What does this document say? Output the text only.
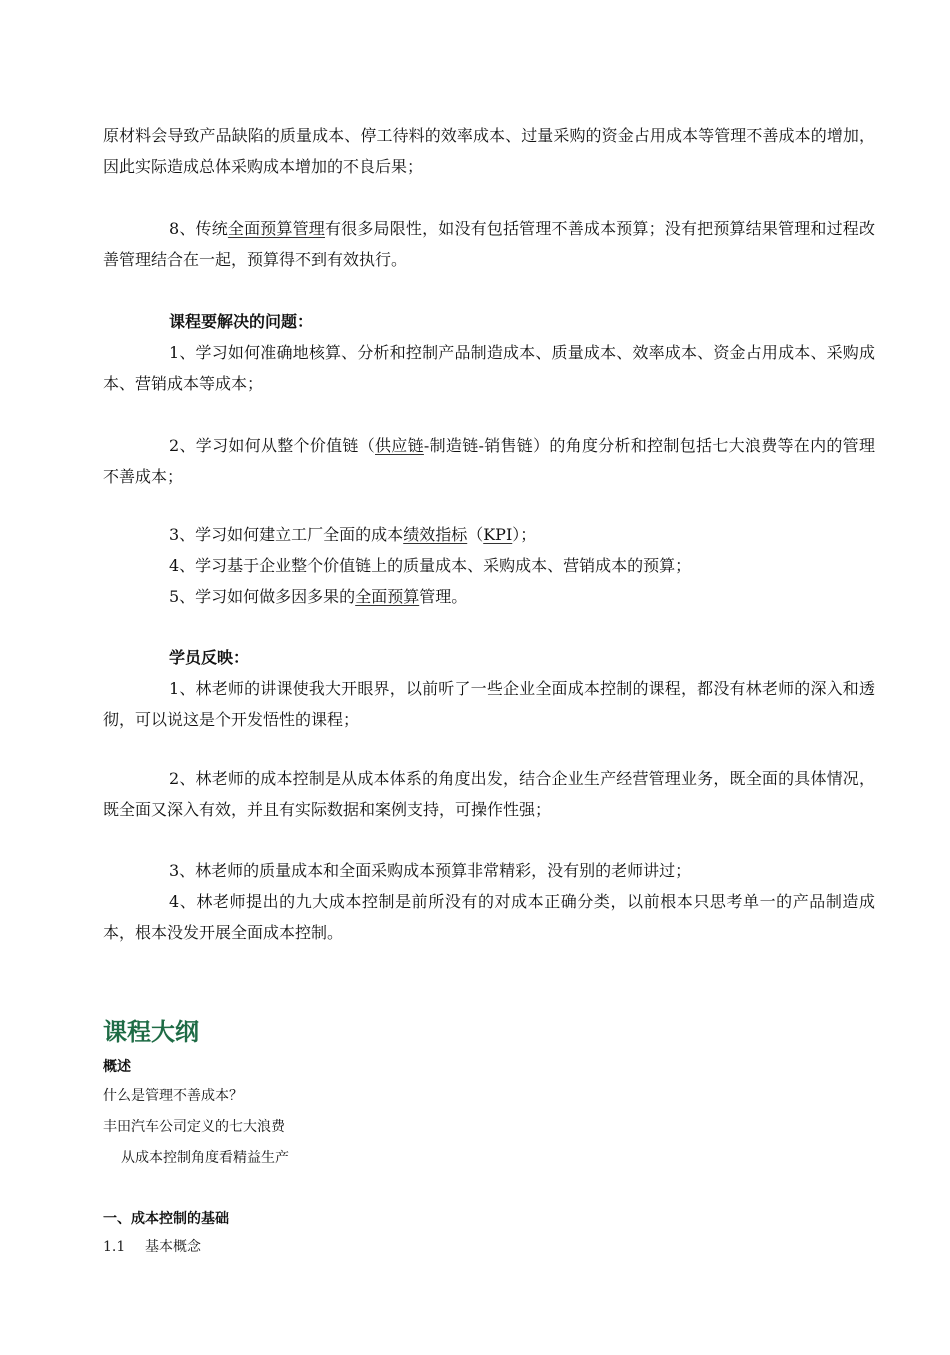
原材料会导致产品缺陷的质量成本、停工待料的效率成本、过量采购的资金占用成本等管理不善成本的增加，因此实际造成总体采购成本增加的不良后果；

8、传统全面预算管理有很多局限性，如没有包括管理不善成本预算；没有把预算结果管理和过程改善管理结合在一起，预算得不到有效执行。

课程要解决的问题：

1、学习如何准确地核算、分析和控制产品制造成本、质量成本、效率成本、资金占用成本、采购成本、营销成本等成本；

2、学习如何从整个价值链（供应链-制造链-销售链）的角度分析和控制包括七大浪费等在内的管理不善成本；

3、学习如何建立工厂全面的成本绩效指标（KPI）；

4、学习基于企业整个价值链上的质量成本、采购成本、营销成本的预算；

5、学习如何做多因多果的全面预算管理。

学员反映：

1、林老师的讲课使我大开眼界，以前听了一些企业全面成本控制的课程，都没有林老师的深入和透彻，可以说这是个开发悟性的课程；

2、林老师的成本控制是从成本体系的角度出发，结合企业生产经营管理业务，既全面的具体情况，既全面又深入有效，并且有实际数据和案例支持，可操作性强；

3、林老师的质量成本和全面采购成本预算非常精彩，没有别的老师讲过；

4、林老师提出的九大成本控制是前所没有的对成本正确分类，以前根本只思考单一的产品制造成本，根本没发开展全面成本控制。

课程大纲

概述

什么是管理不善成本？

丰田汽车公司定义的七大浪费

从成本控制角度看精益生产

一、成本控制的基础

1.1 基本概念
